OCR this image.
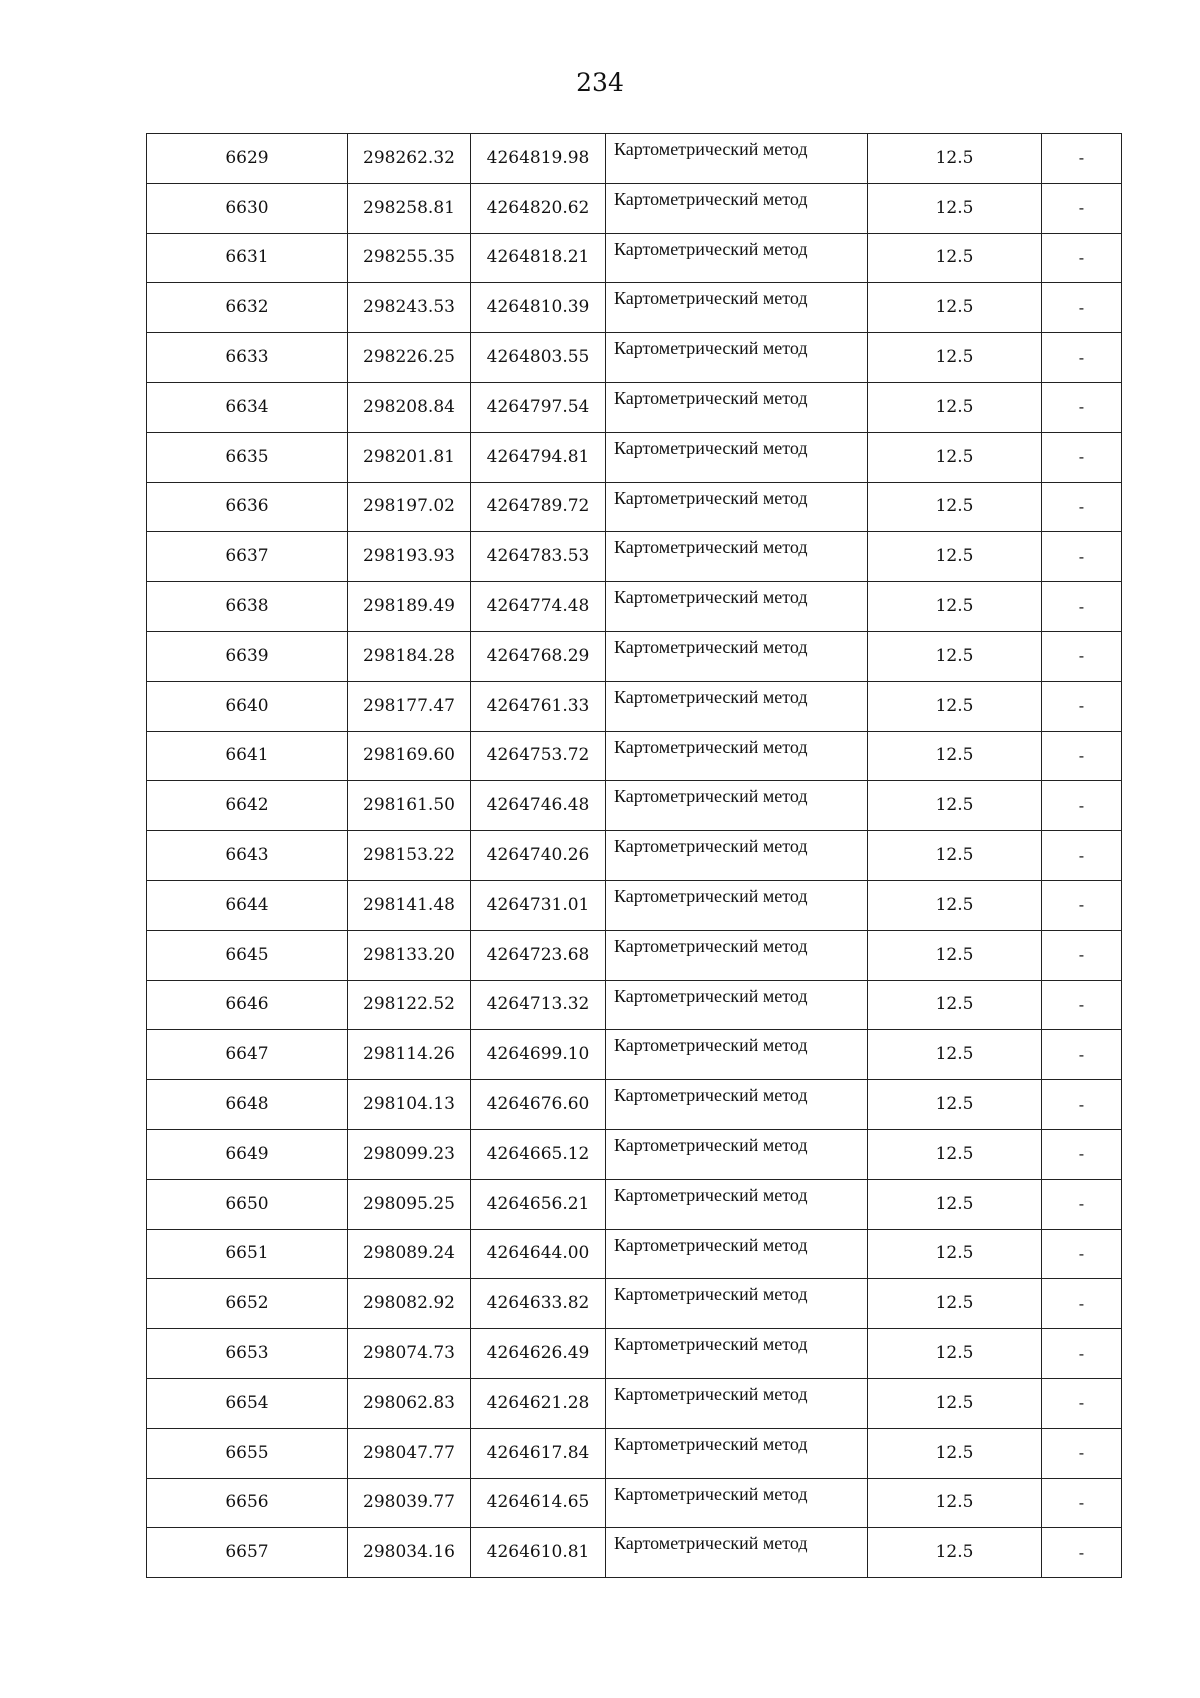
234
6629	298262.32	4264819.98	Картометрический метод	12.5	-
6630	298258.81	4264820.62	Картометрический метод	12.5	-
6631	298255.35	4264818.21	Картометрический метод	12.5	-
6632	298243.53	4264810.39	Картометрический метод	12.5	-
6633	298226.25	4264803.55	Картометрический метод	12.5	-
6634	298208.84	4264797.54	Картометрический метод	12.5	-
6635	298201.81	4264794.81	Картометрический метод	12.5	-
6636	298197.02	4264789.72	Картометрический метод	12.5	-
6637	298193.93	4264783.53	Картометрический метод	12.5	-
6638	298189.49	4264774.48	Картометрический метод	12.5	-
6639	298184.28	4264768.29	Картометрический метод	12.5	-
6640	298177.47	4264761.33	Картометрический метод	12.5	-
6641	298169.60	4264753.72	Картометрический метод	12.5	-
6642	298161.50	4264746.48	Картометрический метод	12.5	-
6643	298153.22	4264740.26	Картометрический метод	12.5	-
6644	298141.48	4264731.01	Картометрический метод	12.5	-
6645	298133.20	4264723.68	Картометрический метод	12.5	-
6646	298122.52	4264713.32	Картометрический метод	12.5	-
6647	298114.26	4264699.10	Картометрический метод	12.5	-
6648	298104.13	4264676.60	Картометрический метод	12.5	-
6649	298099.23	4264665.12	Картометрический метод	12.5	-
6650	298095.25	4264656.21	Картометрический метод	12.5	-
6651	298089.24	4264644.00	Картометрический метод	12.5	-
6652	298082.92	4264633.82	Картометрический метод	12.5	-
6653	298074.73	4264626.49	Картометрический метод	12.5	-
6654	298062.83	4264621.28	Картометрический метод	12.5	-
6655	298047.77	4264617.84	Картометрический метод	12.5	-
6656	298039.77	4264614.65	Картометрический метод	12.5	-
6657	298034.16	4264610.81	Картометрический метод	12.5	-
